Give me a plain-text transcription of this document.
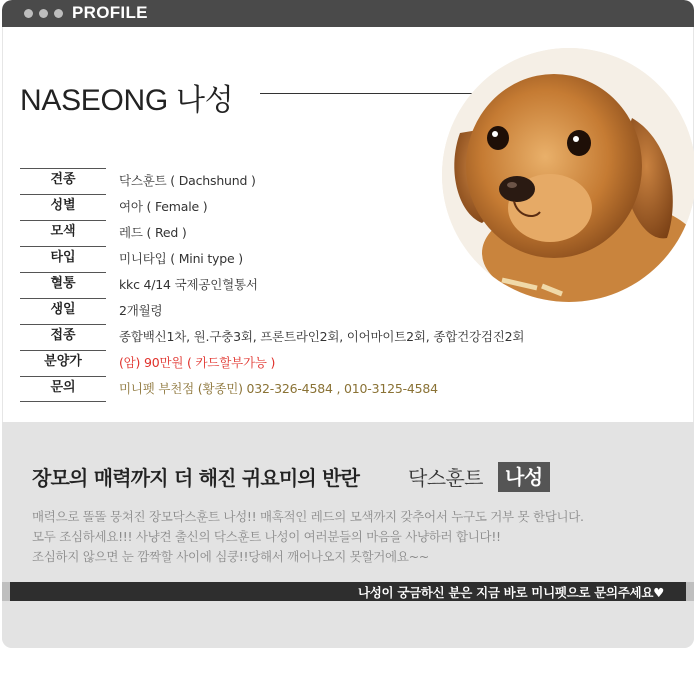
PROFILE
NASEONG 나성
견종	닥스훈트 ( Dachshund )
성별	여아 ( Female )
모색	레드 ( Red )
타입	미니타입 ( Mini type )
혈통	kkc 4/14 국제공인혈통서
생일	2개월령
접종	종합백신1차, 원.구충3회, 프론트라인2회, 이어마이트2회, 종합건강검진2회
분양가	(암) 90만원 ( 카드할부가능 )
문의	미니펫 부천점 (황종민) 032-326-4584 , 010-3125-4584
장모의 매력까지 더 해진 귀요미의 반란 닥스훈트	나성
매력으로 똘똘 뭉쳐진 장모닥스훈트 나성!! 매혹적인 레드의 모색까지 갖추어서 누구도 거부 못 한답니다.
모두 조심하세요!!! 사냥견 출신의 닥스훈트 나성이 여러분들의 마음을 사냥하러 합니다!!
조심하지 않으면 눈 깜짝할 사이에 심쿵!!당해서 깨어나오지 못할거에요~~
나성이 궁금하신 분은 지금 바로 미니펫으로 문의주세요♥
